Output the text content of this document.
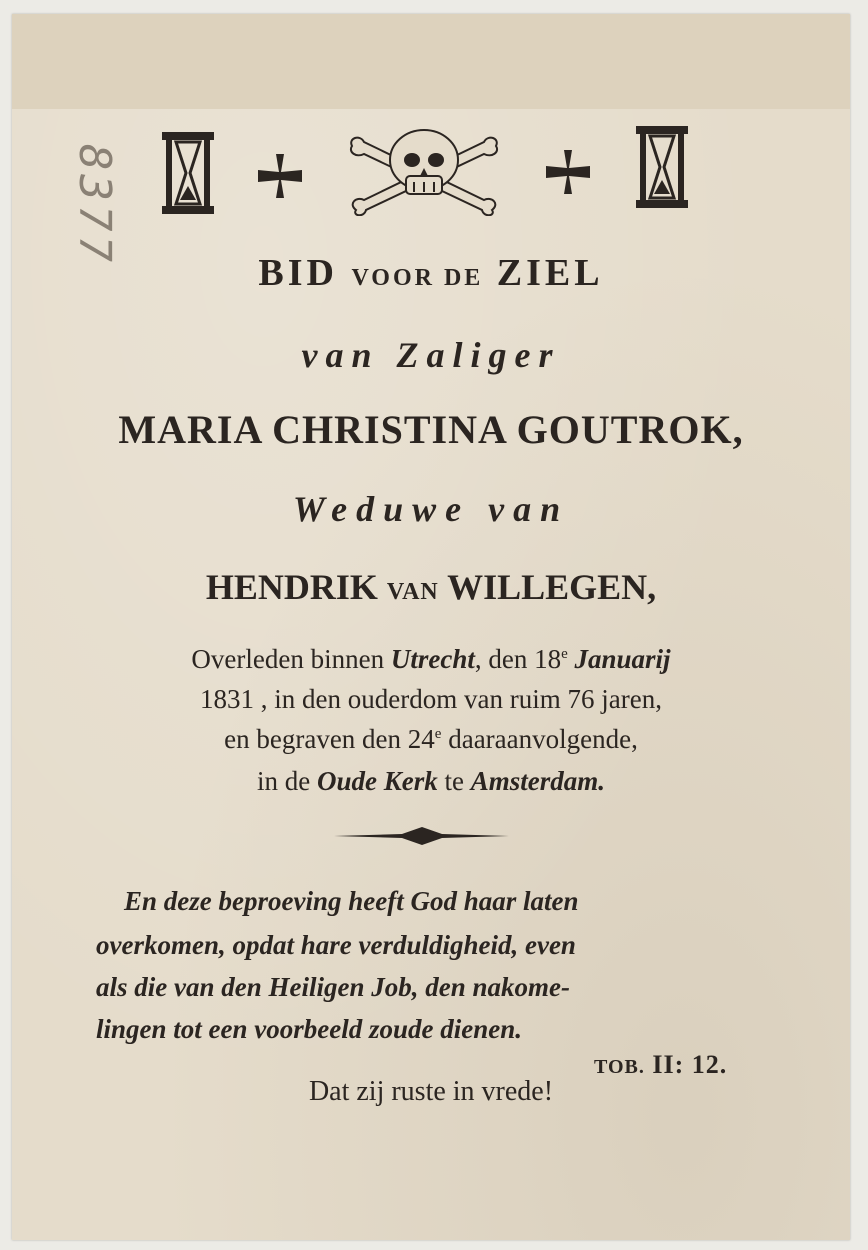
8377
BID VOOR DE ZIEL
van Zaliger
MARIA CHRISTINA GOUTROK,
Weduwe van
HENDRIK VAN WILLEGEN,
Overleden binnen Utrecht, den 18e Januarij
1831 , in den ouderdom van ruim 76 jaren,
en begraven den 24e daaraanvolgende,
in de Oude Kerk te Amsterdam.
En deze beproeving heeft God haar laten
overkomen, opdat hare verduldigheid, even
als die van den Heiligen Job, den nakome-
lingen tot een voorbeeld zoude dienen.
TOB. II: 12.
Dat zij ruste in vrede!
